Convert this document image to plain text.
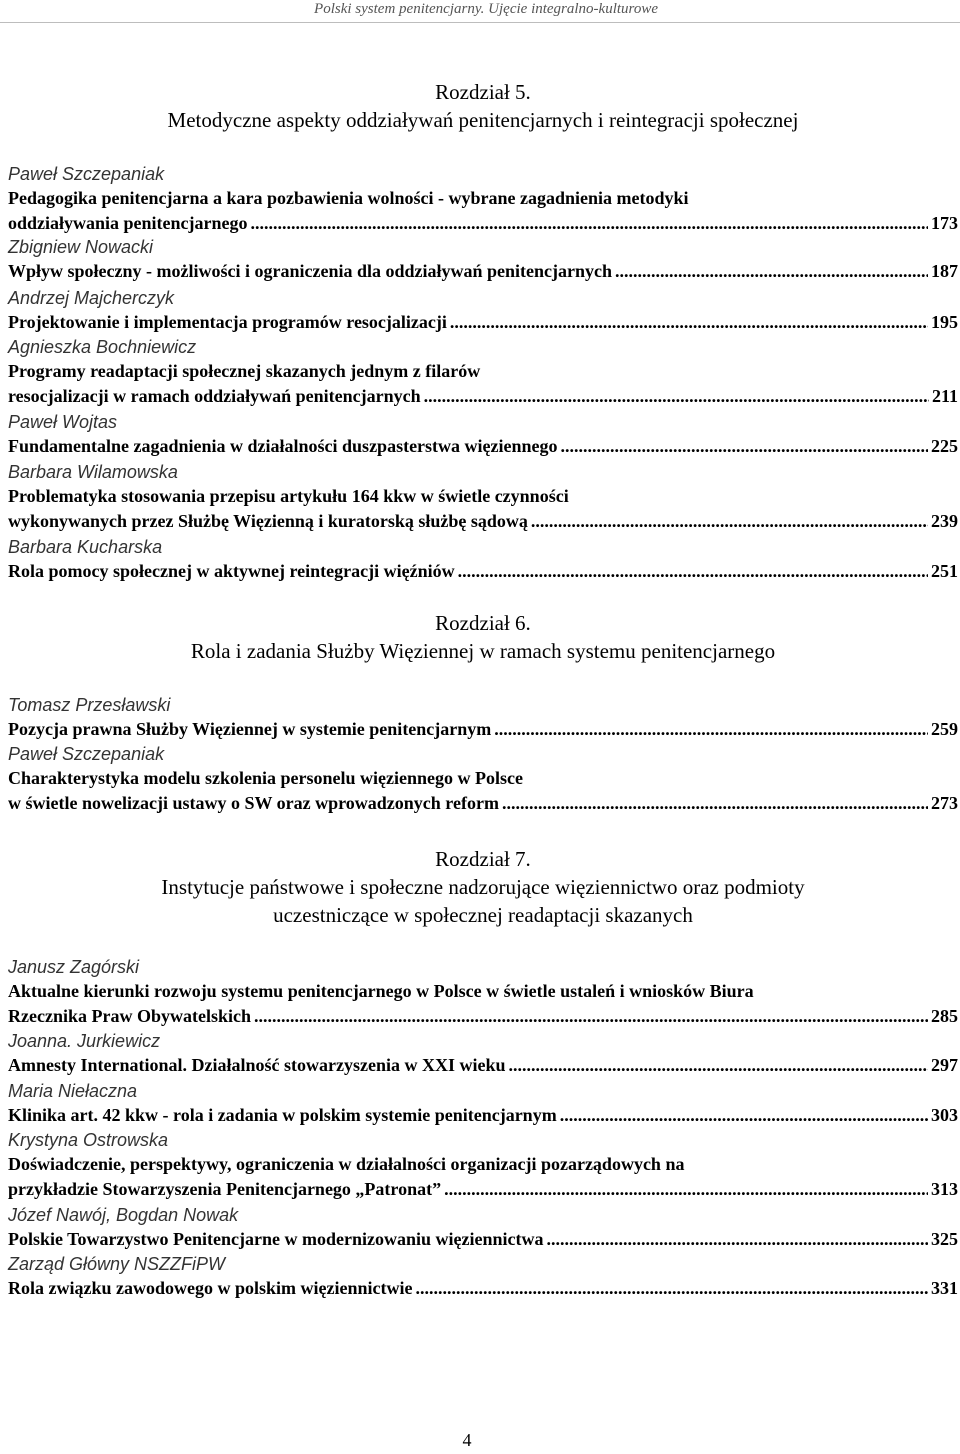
Polski system penitencjarny. Ujęcie integralno-kulturowe
Rozdział 5.
Metodyczne aspekty oddziaływań penitencjarnych i reintegracji społecznej
Paweł Szczepaniak
Pedagogika penitencjarna a kara pozbawienia wolności - wybrane zagadnienia metodyki
oddziaływania penitencjarnego .....	173
Zbigniew Nowacki
Wpływ społeczny - możliwości i ograniczenia dla oddziaływań penitencjarnych .....	187
Andrzej Majcherczyk
Projektowanie i implementacja programów resocjalizacji .....	195
Agnieszka Bochniewicz
Programy readaptacji społecznej skazanych jednym z filarów
resocjalizacji w ramach oddziaływań penitencjarnych .....	211
Paweł Wojtas
Fundamentalne zagadnienia w działalności duszpasterstwa więziennego .....	225
Barbara Wilamowska
Problematyka stosowania przepisu artykułu 164 kkw w świetle czynności
wykonywanych przez Służbę Więzienną i kuratorską służbę sądową .....	239
Barbara Kucharska
Rola pomocy społecznej w aktywnej reintegracji więźniów .....	251
Rozdział 6.
Rola i zadania Służby Więziennej w ramach systemu penitencjarnego
Tomasz Przesławski
Pozycja prawna Służby Więziennej w systemie penitencjarnym .....	259
Paweł Szczepaniak
Charakterystyka modelu szkolenia personelu więziennego w Polsce
w świetle nowelizacji ustawy o SW oraz wprowadzonych reform .....	273
Rozdział 7.
Instytucje państwowe i społeczne nadzorujące więziennictwo oraz podmioty
uczestniczące w społecznej readaptacji skazanych
Janusz Zagórski
Aktualne kierunki rozwoju systemu penitencjarnego w Polsce w świetle ustaleń i wniosków Biura
Rzecznika Praw Obywatelskich .....	285
Joanna. Jurkiewicz
Amnesty International. Działalność stowarzyszenia w XXI wieku .....	297
Maria Niełaczna
Klinika art. 42 kkw - rola i zadania w polskim systemie penitencjarnym .....	303
Krystyna Ostrowska
Doświadczenie, perspektywy, ograniczenia w działalności organizacji pozarządowych na
przykładzie Stowarzyszenia Penitencjarnego „Patronat” .....	313
Józef Nawój, Bogdan Nowak
Polskie Towarzystwo Penitencjarne w modernizowaniu więziennictwa .....	325
Zarząd Główny NSZZFiPW
Rola związku zawodowego w polskim więziennictwie .....	331
4
